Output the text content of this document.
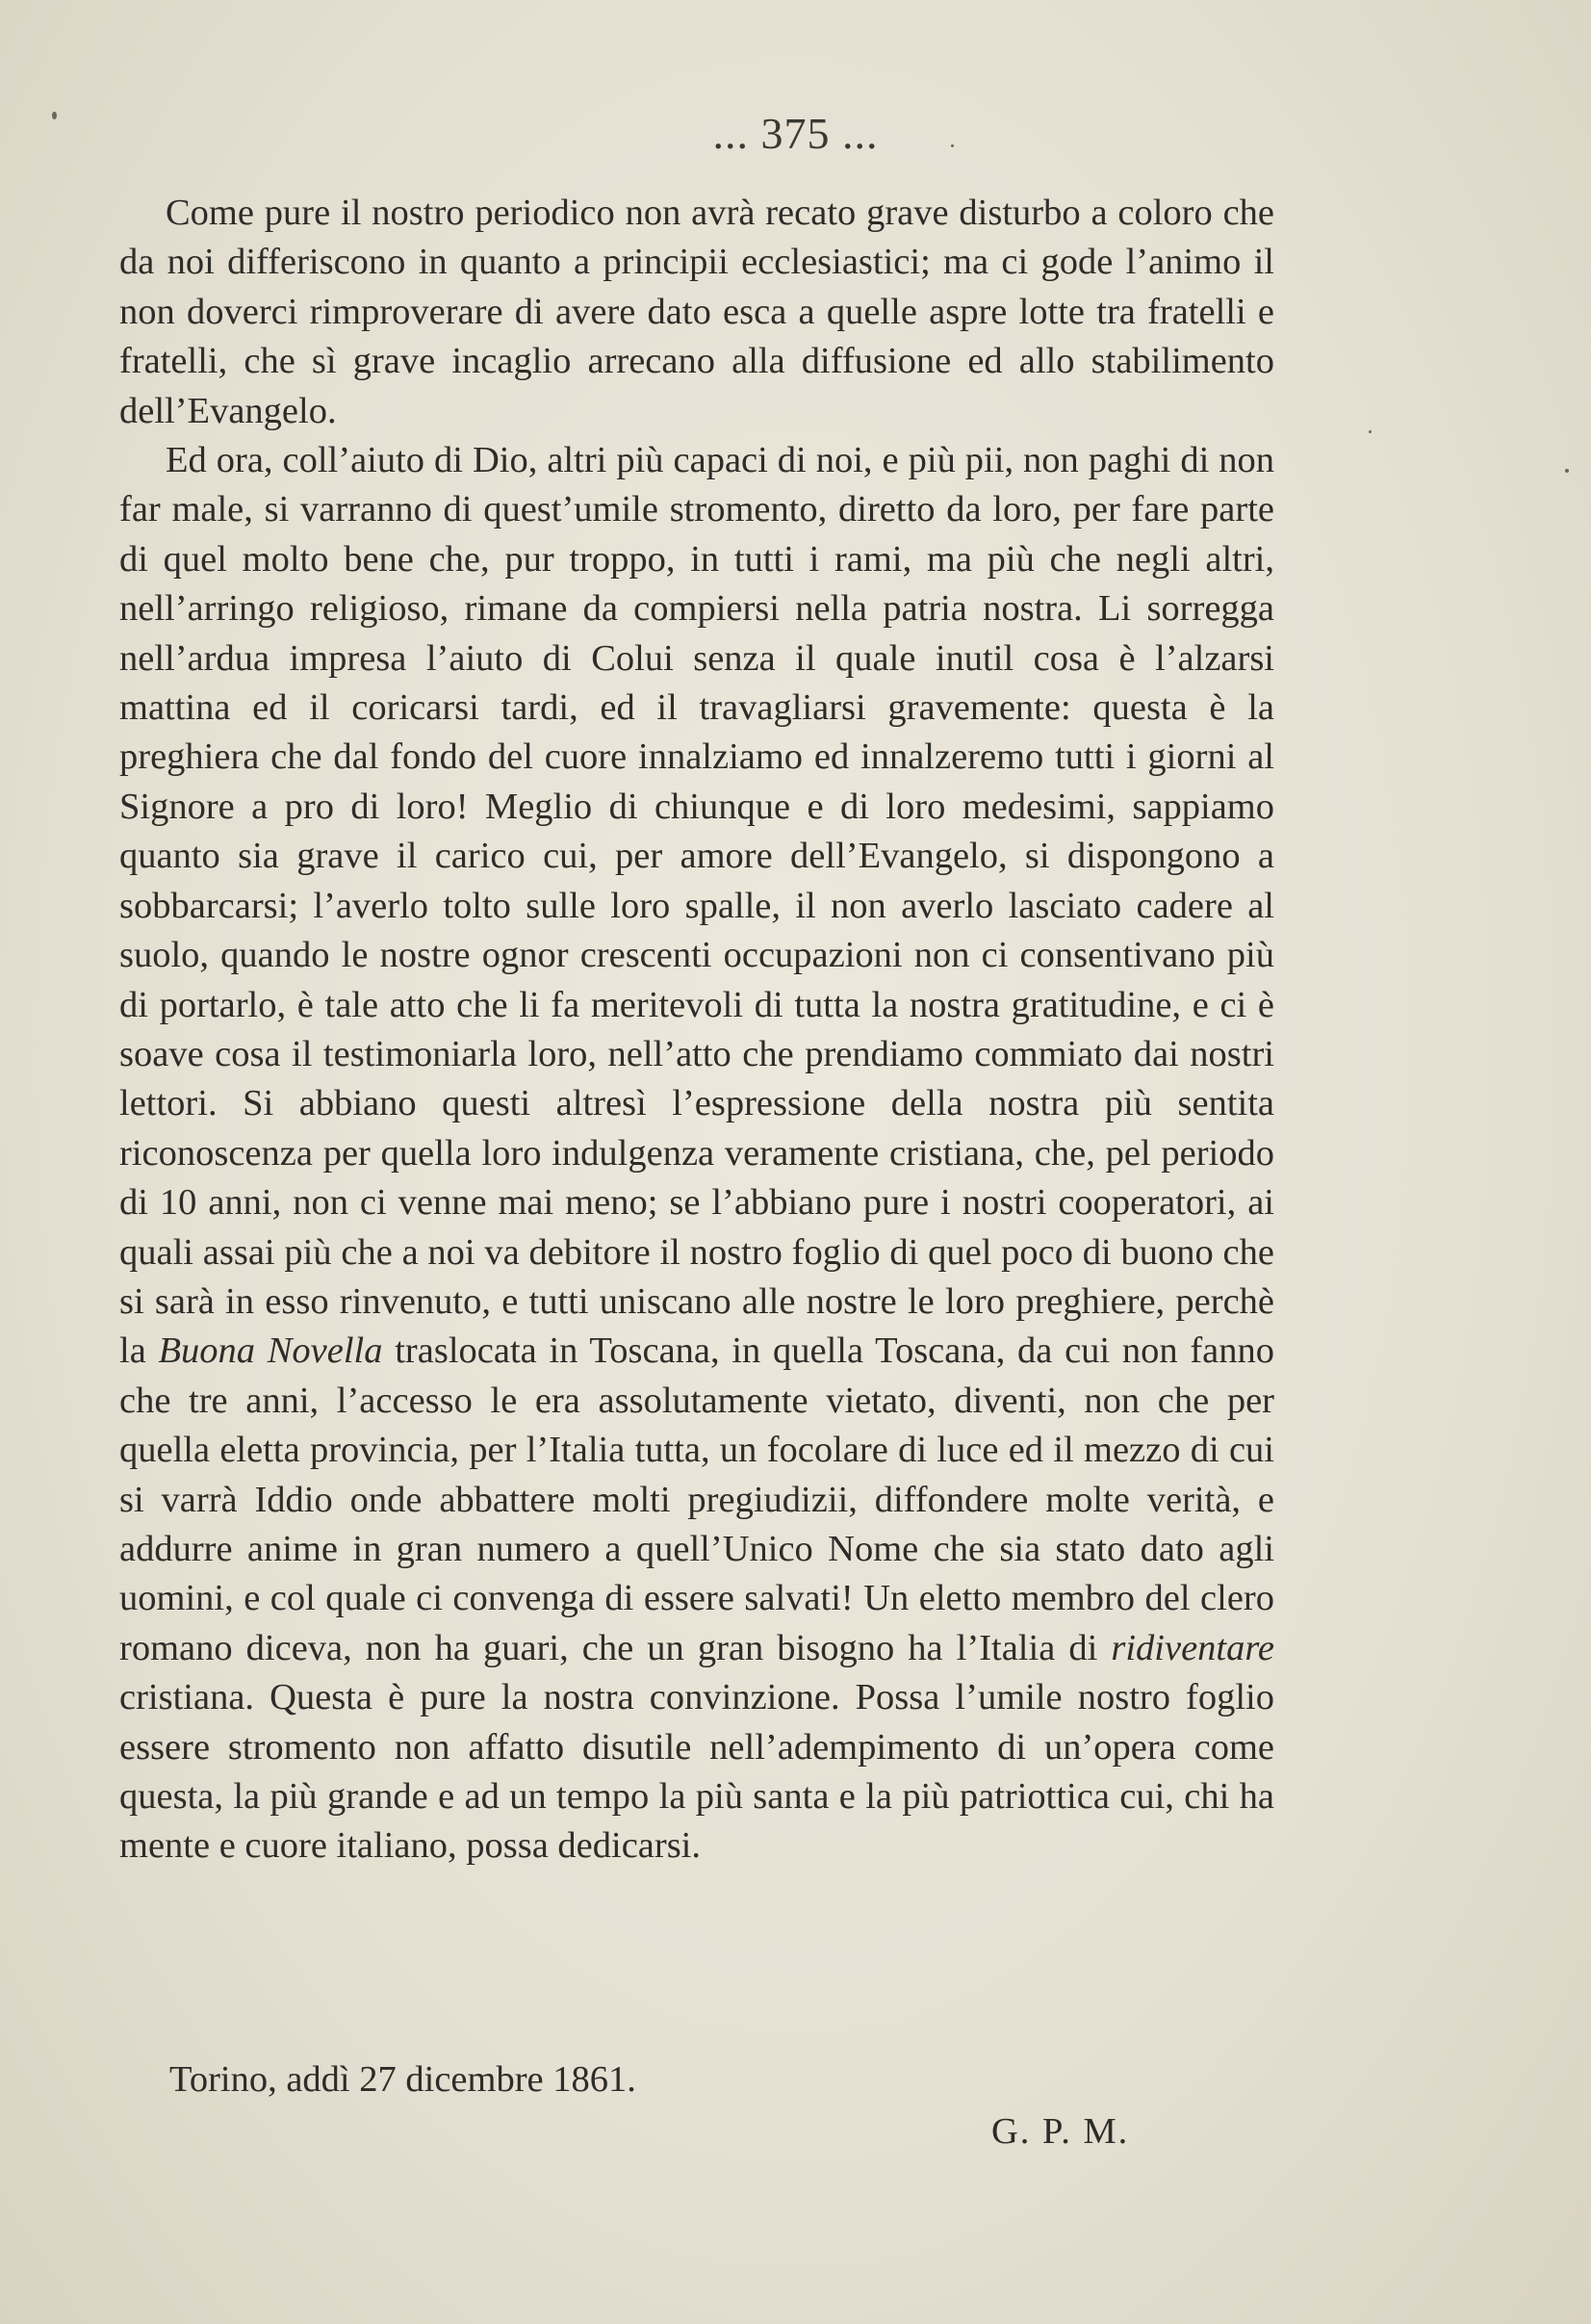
... 375 ...

Come pure il nostro periodico non avrà recato grave disturbo a coloro che da noi differiscono in quanto a principii ecclesiastici; ma ci gode l’animo il non doverci rimproverare di avere dato esca a quelle aspre lotte tra fratelli e fratelli, che sì grave incaglio arrecano alla diffusione ed allo stabilimento dell’Evangelo.

Ed ora, coll’aiuto di Dio, altri più capaci di noi, e più pii, non paghi di non far male, si varranno di quest’umile stromento, diretto da loro, per fare parte di quel molto bene che, pur troppo, in tutti i rami, ma più che negli altri, nell’arringo religioso, rimane da compiersi nella patria nostra. Li sorregga nell’ardua impresa l’aiuto di Colui senza il quale inutil cosa è l’alzarsi mattina ed il coricarsi tardi, ed il travagliarsi gravemente: questa è la preghiera che dal fondo del cuore innalziamo ed innalzeremo tutti i giorni al Signore a pro di loro! Meglio di chiunque e di loro medesimi, sappiamo quanto sia grave il carico cui, per amore dell’Evangelo, si dispongono a sobbarcarsi; l’averlo tolto sulle loro spalle, il non averlo lasciato cadere al suolo, quando le nostre ognor crescenti occupazioni non ci consentivano più di portarlo, è tale atto che li fa meritevoli di tutta la nostra gratitudine, e ci è soave cosa il testimoniarla loro, nell’atto che prendiamo commiato dai nostri lettori. Si abbiano questi altresì l’espressione della nostra più sentita riconoscenza per quella loro indulgenza veramente cristiana, che, pel periodo di 10 anni, non ci venne mai meno; se l’abbiano pure i nostri cooperatori, ai quali assai più che a noi va debitore il nostro foglio di quel poco di buono che si sarà in esso rinvenuto, e tutti uniscano alle nostre le loro preghiere, perchè la Buona Novella traslocata in Toscana, in quella Toscana, da cui non fanno che tre anni, l’accesso le era assolutamente vietato, diventi, non che per quella eletta provincia, per l’Italia tutta, un focolare di luce ed il mezzo di cui si varrà Iddio onde abbattere molti pregiudizii, diffondere molte verità, e addurre anime in gran numero a quell’Unico Nome che sia stato dato agli uomini, e col quale ci convenga di essere salvati! Un eletto membro del clero romano diceva, non ha guari, che un gran bisogno ha l’Italia di ridiventare cristiana. Questa è pure la nostra convinzione. Possa l’umile nostro foglio essere stromento non affatto disutile nell’adempimento di un’opera come questa, la più grande e ad un tempo la più santa e la più patriottica cui, chi ha mente e cuore italiano, possa dedicarsi.

Torino, addì 27 dicembre 1861.
G. P. M.
